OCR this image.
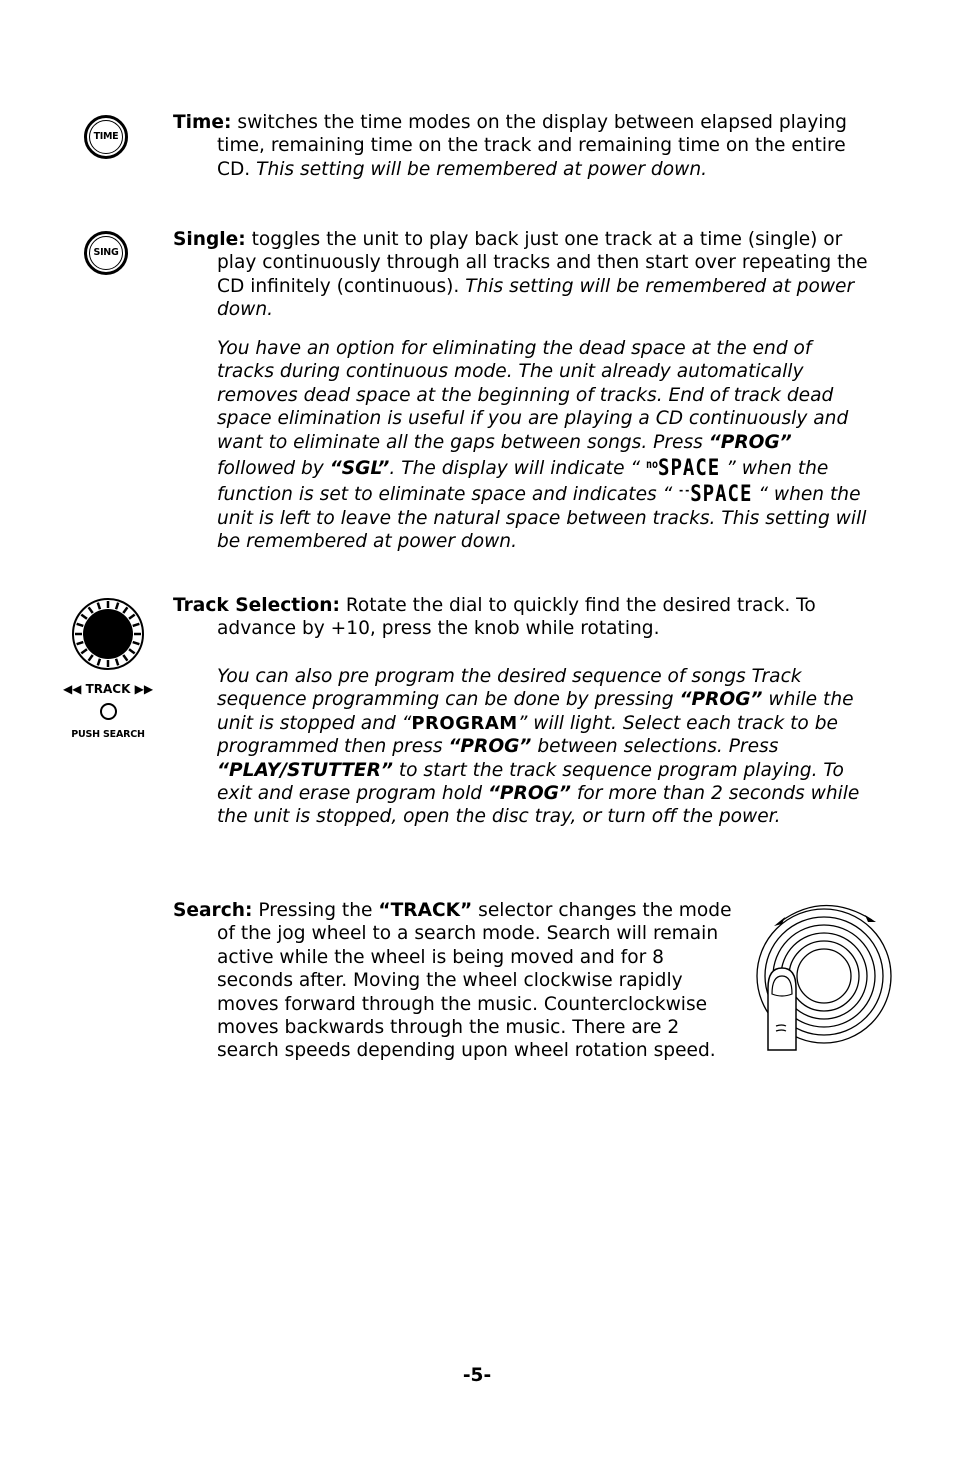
TIME

Time: switches the time modes on the display between elapsed playing time, remaining time on the track and remaining time on the entire CD. This setting will be remembered at power down.

SING

Single: toggles the unit to play back just one track at a time (single) or play continuously through all tracks and then start over repeating the CD infinitely (continuous). This setting will be remembered at power down.

You have an option for eliminating the dead space at the end of tracks during continuous mode. The unit already automatically removes dead space at the beginning of tracks. End of track dead space elimination is useful if you are playing a CD continuously and want to eliminate all the gaps between songs. Press “PROG” followed by “SGL”. The display will indicate “ $^{no}$SPACE ” when the function is set to eliminate space and indicates “ --SPACE “ when the unit is left to leave the natural space between tracks. This setting will be remembered at power down.

◀◀ TRACK ▶▶
PUSH SEARCH

Track Selection: Rotate the dial to quickly find the desired track. To advance by +10, press the knob while rotating.

You can also pre program the desired sequence of songs Track sequence programming can be done by pressing “PROG” while the unit is stopped and “PROGRAM” will light. Select each track to be programmed then press “PROG” between selections. Press “PLAY/STUTTER” to start the track sequence program playing. To exit and erase program hold “PROG” for more than 2 seconds while the unit is stopped, open the disc tray, or turn off the power.

Search: Pressing the “TRACK” selector changes the mode of the jog wheel to a search mode. Search will remain active while the wheel is being moved and for 8 seconds after. Moving the wheel clockwise rapidly moves forward through the music. Counterclockwise moves backwards through the music. There are 2 search speeds depending upon wheel rotation speed.

-5-
